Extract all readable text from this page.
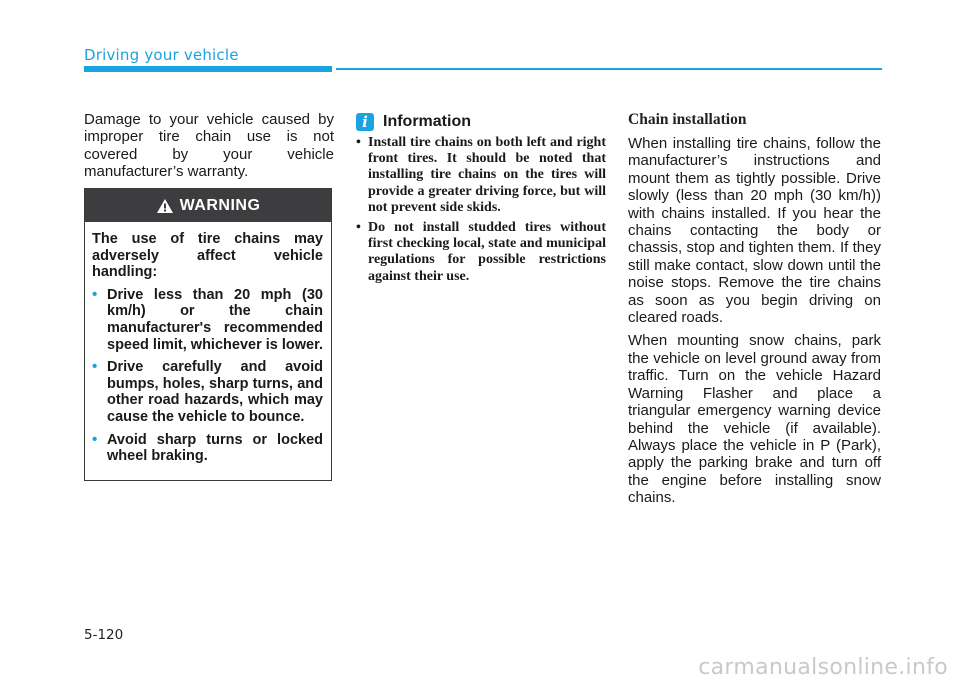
Driving your vehicle

Damage to your vehicle caused by improper tire chain use is not covered by your vehicle manufacturer’s warranty.

WARNING

The use of tire chains may adversely affect vehicle handling:

• Drive less than 20 mph (30 km/h) or the chain manufacturer's recommended speed limit, whichever is lower.
• Drive carefully and avoid bumps, holes, sharp turns, and other road hazards, which may cause the vehicle to bounce.
• Avoid sharp turns or locked wheel braking.
i Information
• Install tire chains on both left and right front tires. It should be noted that installing tire chains on the tires will provide a greater driving force, but will not prevent side skids.
• Do not install studded tires without first checking local, state and municipal regulations for possible restrictions against their use.
Chain installation

When installing tire chains, follow the manufacturer’s instructions and mount them as tightly possible. Drive slowly (less than 20 mph (30 km/h)) with chains installed. If you hear the chains contacting the body or chassis, stop and tighten them. If they still make contact, slow down until the noise stops. Remove the tire chains as soon as you begin driving on cleared roads.

When mounting snow chains, park the vehicle on level ground away from traffic. Turn on the vehicle Hazard Warning Flasher and place a triangular emergency warning device behind the vehicle (if available). Always place the vehicle in P (Park), apply the parking brake and turn off the engine before installing snow chains.

5-120
carmanualsonline.info
